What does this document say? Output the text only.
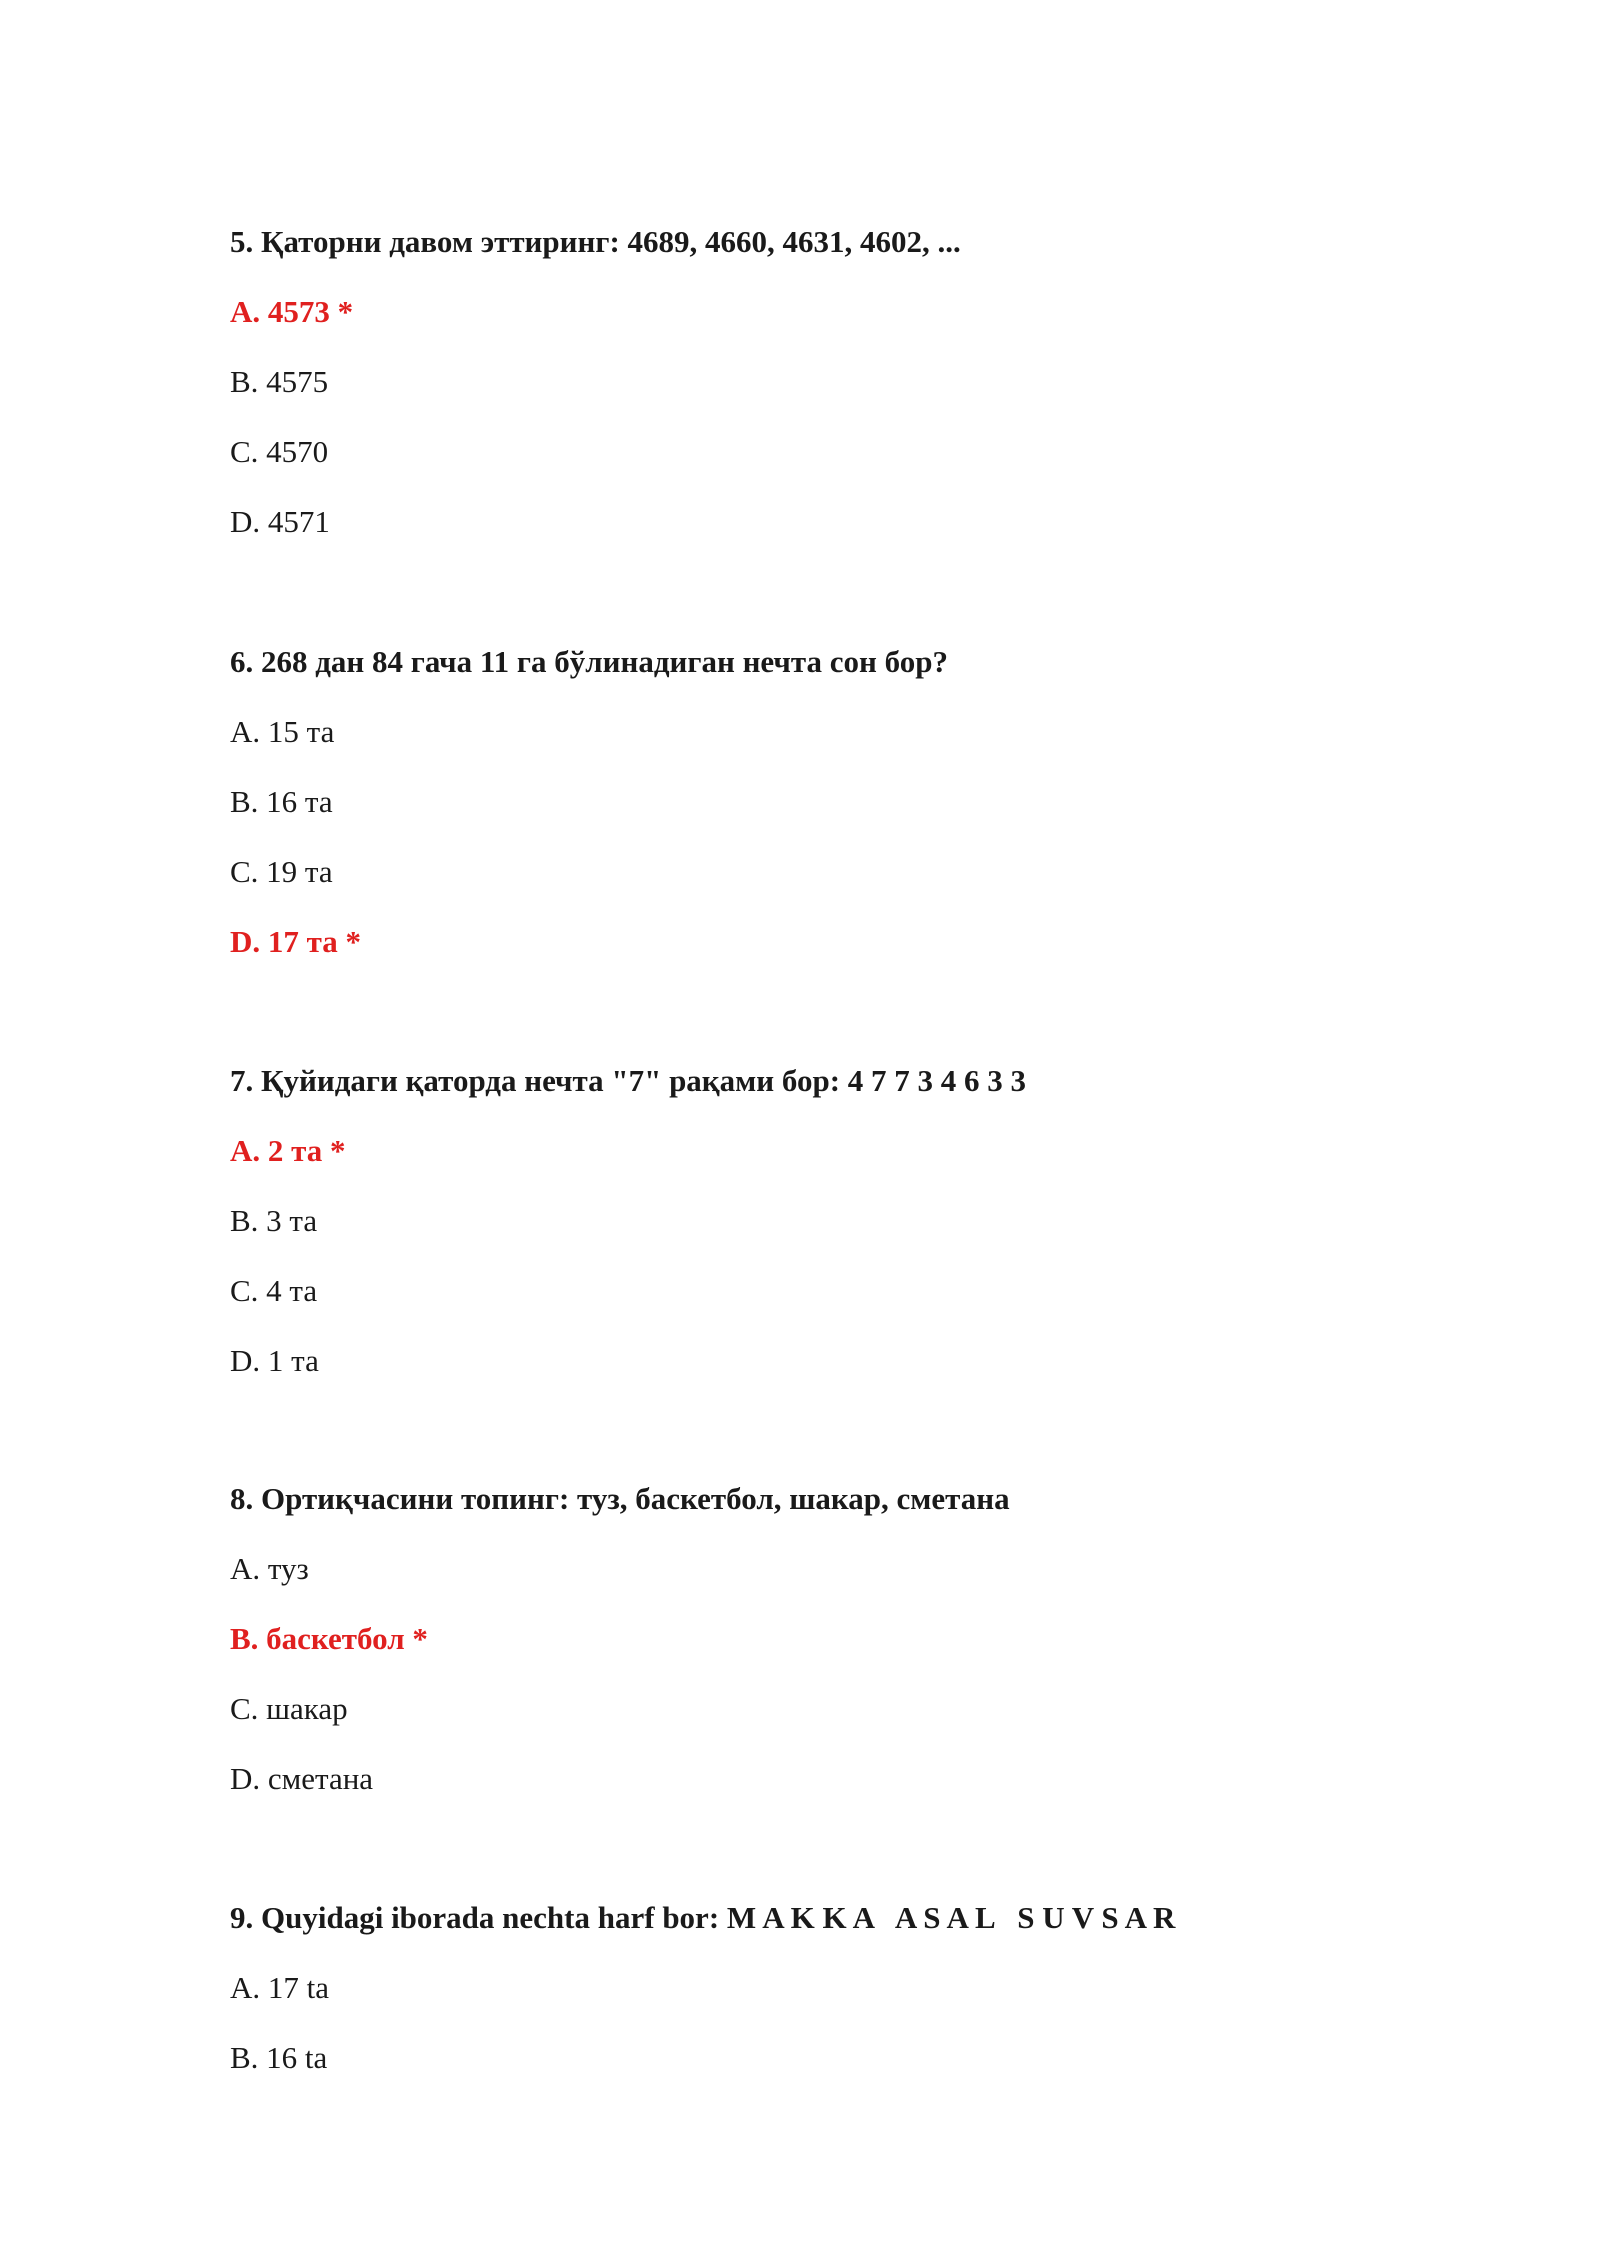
5. Қаторни давом эттиринг: 4689, 4660, 4631, 4602, ...
A. 4573 *
B. 4575
C. 4570
D. 4571
6. 268 дан 84 гача 11 га бўлинадиган нечта сон бор?
A. 15 та
B. 16 та
C. 19 та
D. 17 та *
7. Қуйидаги қаторда нечта "7" рақами бор: 4 7 7 3 4 6 3 3
A. 2 та *
B. 3 та
C. 4 та
D. 1 та
8. Ортиқчасини топинг: туз, баскетбол, шакар, сметана
A. туз
B. баскетбол *
C. шакар
D. сметана
9. Quyidagi iborada nechta harf bor: M A K K A   A S A L   S U V S A R
A. 17 ta
B. 16 ta
